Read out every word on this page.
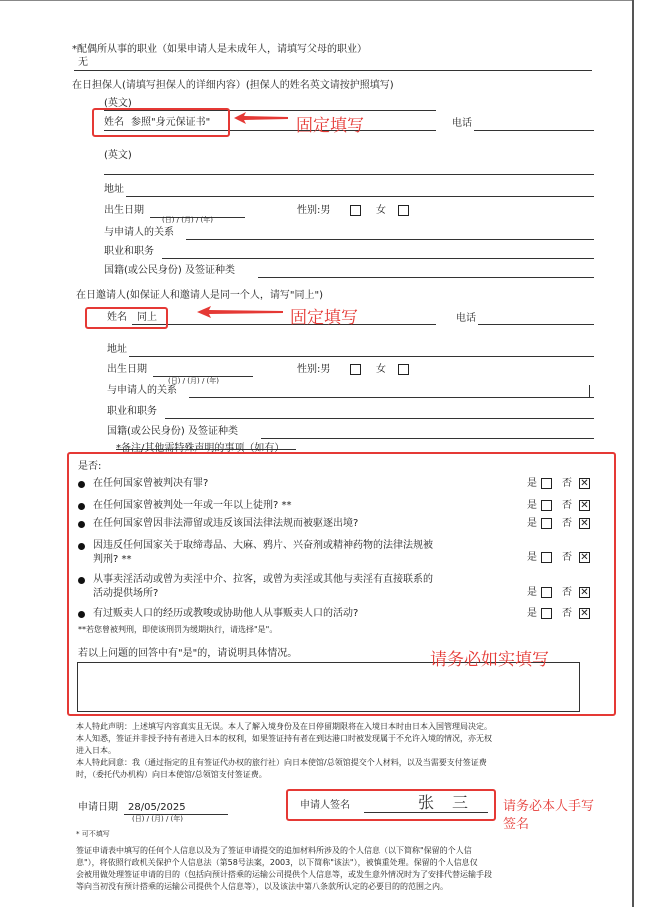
*配偶所从事的职业（如果申请人是未成年人，请填写父母的职业）
无
在日担保人(请填写担保人的详细内容）(担保人的姓名英文请按护照填写)
(英文)
姓名 参照"身元保证书"	电话
(英文)
地址
出生日期
(日) / (月) / (年)
性别:男	女
与申请人的关系
职业和职务
国籍(或公民身份) 及签证种类
在日邀请人(如保证人和邀请人是同一个人，请写"同上")
姓名 同上	电话
地址
出生日期
(日) / (月) / (年)
性别:男	女
与申请人的关系
职业和职务
国籍(或公民身份) 及签证种类
是否:
在任何国家曾被判决有罪?	是	否 ✕
在任何国家曾被判处一年或一年以上徒刑? **	是	否 ✕
在任何国家曾因非法滞留或违反该国法律法规而被驱逐出境?	是	否 ✕
因违反任何国家关于取缔毒品、大麻、鸦片、兴奋剂或精神药物的法律法规被
判刑? **	是	否 ✕
从事卖淫活动或曾为卖淫中介、拉客，或曾为卖淫或其他与卖淫有直接联系的
活动提供场所?	是	否 ✕
有过贩卖人口的经历或教唆或协助他人从事贩卖人口的活动?	是	否 ✕
**若您曾被判刑，即使该刑罚为缓期执行，请选择"是"。
若以上问题的回答中有"是"的，请说明具体情况。
本人特此声明：上述填写内容真实且无误。本人了解入境身份及在日停留期限将在入境日本时由日本入国管理局决定。
本人知悉，签证并非授予持有者进入日本的权利，如果签证持有者在到达港口时被发现属于不允许入境的情况，亦无权
进入日本。
本人特此同意：我（通过指定的且有签证代办权的旅行社）向日本使馆/总领馆提交个人材料，以及当需要支付签证费
时，（委托代办机构）向日本使馆/总领馆支付签证费。
申请日期 28/05/2025
(日) / (月) / (年)
申请人签名	张三
* 可不填写
签证申请表中填写的任何个人信息以及为了签证申请提交的追加材料所涉及的个人信息（以下简称"保留的个人信
息"），将依照行政机关保护个人信息法（第58号法案，2003，以下简称"该法"），被慎重处理。保留的个人信息仅
会被用做处理签证申请的目的（包括向预计搭乘的运输公司提供个人信息等，或发生意外情况时为了安排代替运输手段
等向当初没有预计搭乘的运输公司提供个人信息等），以及该法中第八条款所认定的必要目的的范围之内。
固定填写
固定填写
请务必如实填写
请务必本人手写
签名
